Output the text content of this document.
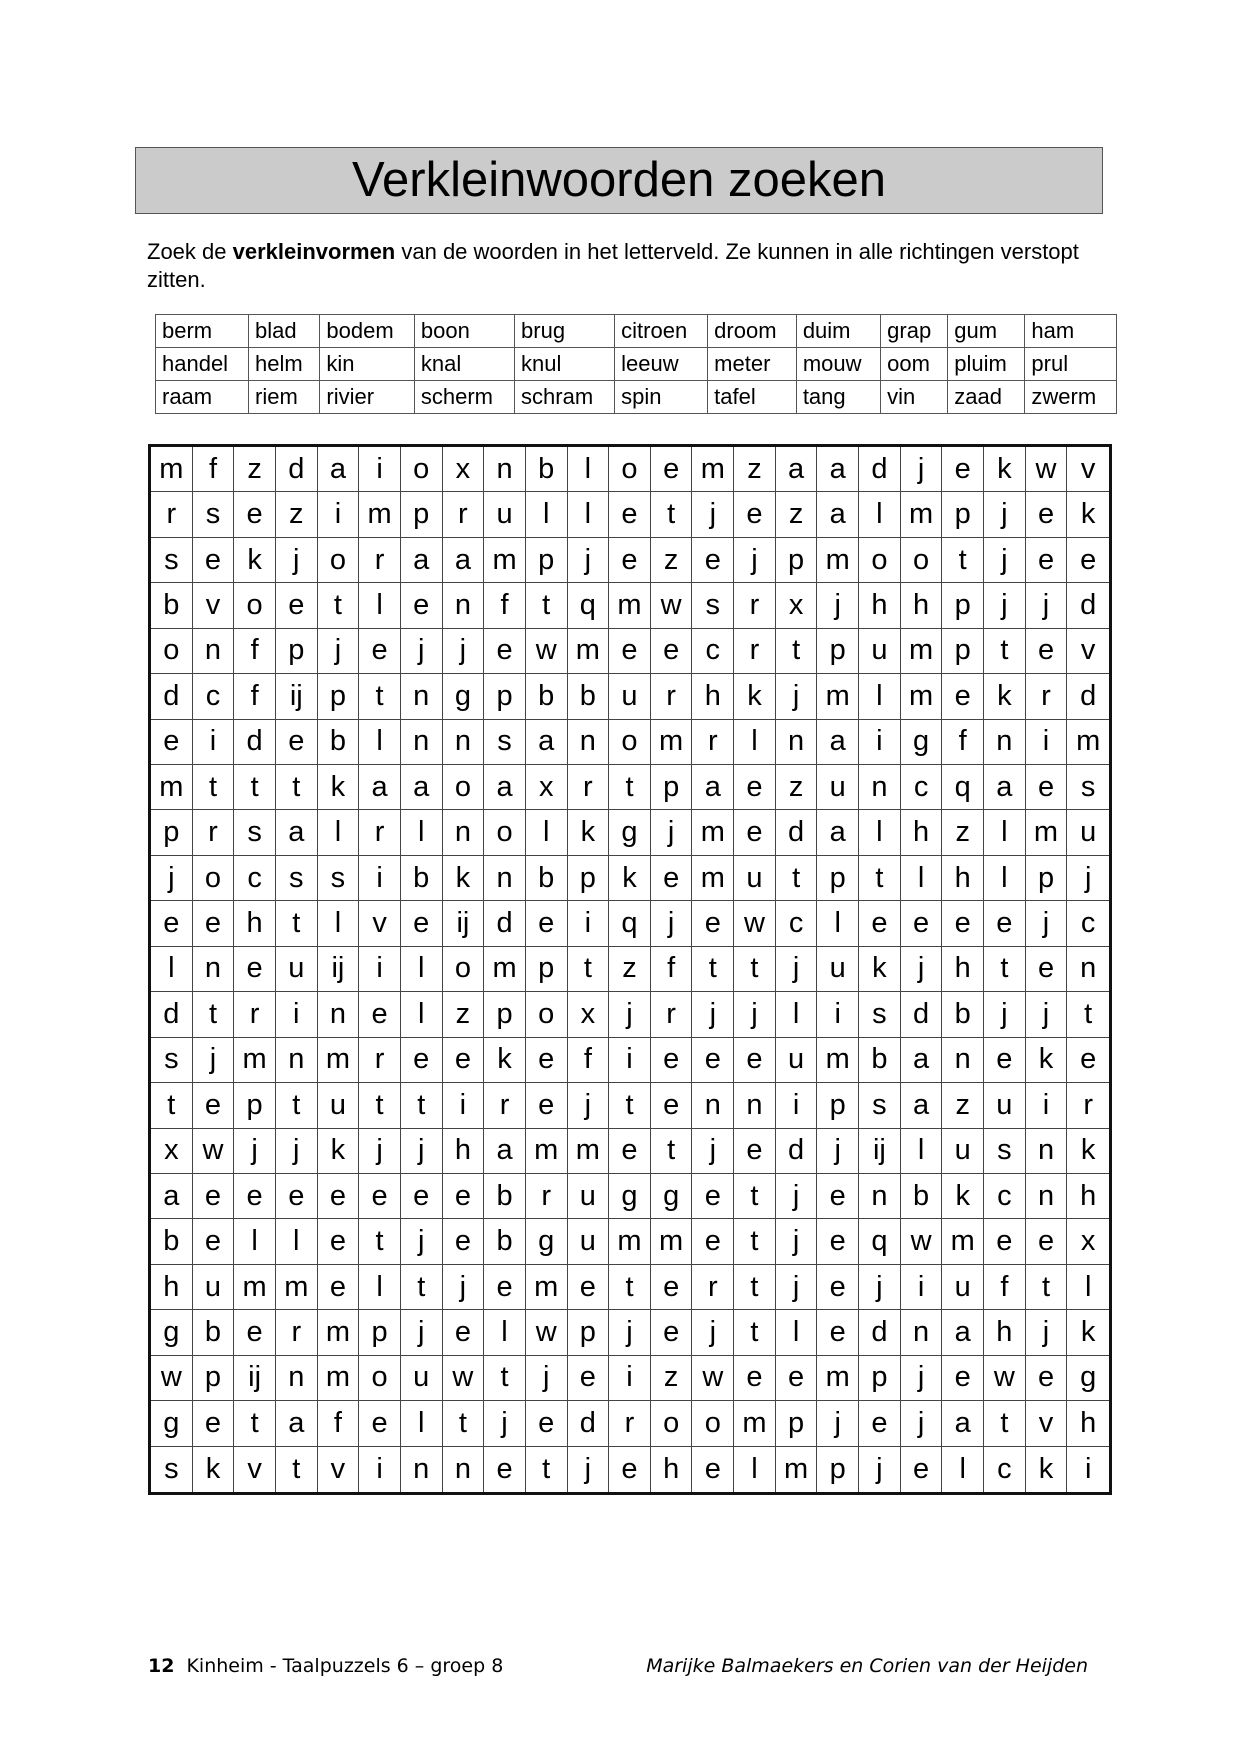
Verkleinwoorden zoeken
Zoek de verkleinvormen van de woorden in het letterveld. Ze kunnen in alle richtingen verstopt zitten.
berm	blad	bodem	boon	brug	citroen	droom	duim	grap	gum	ham
handel	helm	kin	knal	knul	leeuw	meter	mouw	oom	pluim	prul
raam	riem	rivier	scherm	schram	spin	tafel	tang	vin	zaad	zwerm
m f	z d a	i	o x n b	l	o e m z a a d	j	e k w v
r	s e z	i m p r u	l	l	e	t	j	e z a	l m p	j	e k
s e k	j	o r a a m p	j	e z e	j	p m o o	t	j	e e
b v o e	t	l	e n	f	t	q m w s	r	x	j	h h p	j	j	d
o n	f	p	j	e	j	j	e w m e e c	r	t	p u m p	t	e v
d c	f	ij p	t	n g p b b u r h k	j m l m e k	r	d
e	i	d e b	l	n n s a n o m r	l	n a	i	g	f	n	i m
m t	t	t	k a a o a x	r	t	p a e z u n c q a e s
p r	s a	l	r	l	n o	l	k g	j m e d a	l	h z	l m u
j	o c s s	i	b k n b p k e m u	t	p	t	l	h	l	p	j
e e h	t	l	v e ij d e	i	q	j	e w c	l	e e e e	j	c
l	n e u ij	i	l	o m p	t	z	f	t	t	j	u k	j	h	t	e n
d	t	r	i	n e	l	z p o x	j	r	j	j	l	i	s d b	j	j	t
s	j m n m r e e k e	f	i	e e e u m b a n e k e
t	e p	t	u	t	t	i	r e	j	t	e n n	i	p s a z u	i	r
x w j	j	k	j	j	h a m m e	t	j	e d	j	ij	l	u s n k
a e e e e e e e b r u g g e	t	j	e n b k c n h
b e	l	l	e	t	j	e b g u m m e	t	j	e q w m e e x
h u m m e	l	t	j	e m e	t	e r	t	j	e	j	i	u	f	t	l
g b e r m p	j	e	l w p	j	e	j	t	l	e d n a h	j	k
w p ij n m o u w t	j	e	i	z w e e m p	j	e w e g
g e	t	a	f	e	l	t	j	e d r o o m p	j	e	j	a	t	v h
s k v	t	v	i	n n e	t	j	e h e	l m p	j	e	l	c k	i
12 Kinheim - Taalpuzzels 6 – groep 8	Marijke Balmaekers en Corien van der Heijden
